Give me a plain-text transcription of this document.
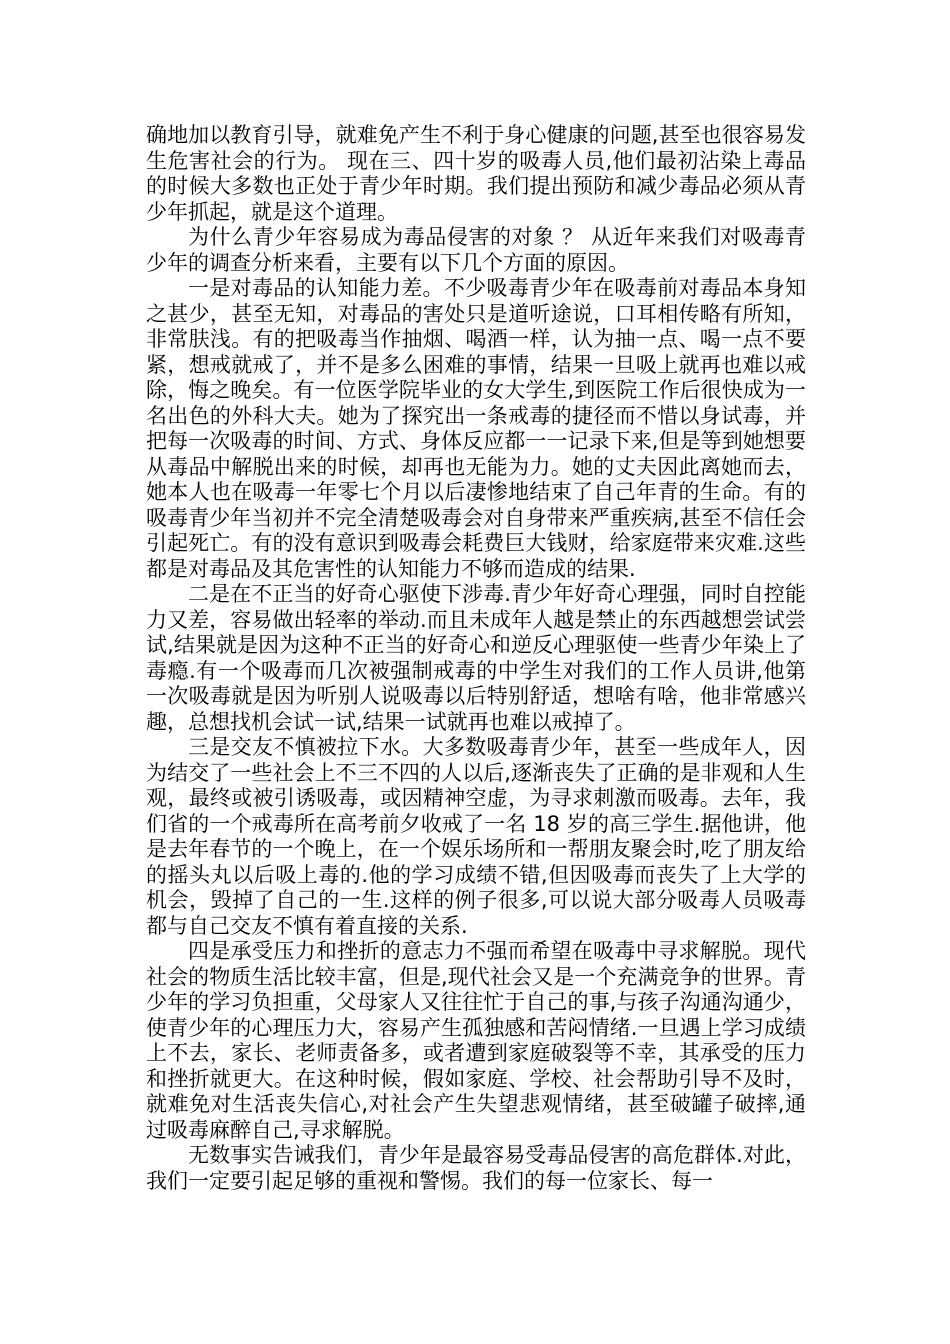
确地加以教育引导，就难免产生不利于身心健康的问题,甚至也很容易发生危害社会的行为。 现在三、四十岁的吸毒人员,他们最初沾染上毒品的时候大多数也正处于青少年时期。我们提出预防和减少毒品必须从青少年抓起，就是这个道理。

为什么青少年容易成为毒品侵害的对象 ？ 从近年来我们对吸毒青少年的调查分析来看，主要有以下几个方面的原因。

一是对毒品的认知能力差。不少吸毒青少年在吸毒前对毒品本身知之甚少，甚至无知，对毒品的害处只是道听途说，口耳相传略有所知，非常肤浅。有的把吸毒当作抽烟、喝酒一样，认为抽一点、喝一点不要紧，想戒就戒了，并不是多么困难的事情，结果一旦吸上就再也难以戒除，悔之晚矣。有一位医学院毕业的女大学生,到医院工作后很快成为一名出色的外科大夫。她为了探究出一条戒毒的捷径而不惜以身试毒，并把每一次吸毒的时间、方式、身体反应都一一记录下来,但是等到她想要从毒品中解脱出来的时候，却再也无能为力。她的丈夫因此离她而去，她本人也在吸毒一年零七个月以后凄惨地结束了自己年青的生命。有的吸毒青少年当初并不完全清楚吸毒会对自身带来严重疾病,甚至不信任会引起死亡。有的没有意识到吸毒会耗费巨大钱财，给家庭带来灾难.这些都是对毒品及其危害性的认知能力不够而造成的结果.

二是在不正当的好奇心驱使下涉毒.青少年好奇心理强，同时自控能力又差，容易做出轻率的举动.而且未成年人越是禁止的东西越想尝试尝试,结果就是因为这种不正当的好奇心和逆反心理驱使一些青少年染上了毒瘾.有一个吸毒而几次被强制戒毒的中学生对我们的工作人员讲,他第一次吸毒就是因为听别人说吸毒以后特别舒适，想啥有啥，他非常感兴趣，总想找机会试一试,结果一试就再也难以戒掉了。

三是交友不慎被拉下水。大多数吸毒青少年，甚至一些成年人，因为结交了一些社会上不三不四的人以后,逐渐丧失了正确的是非观和人生观，最终或被引诱吸毒，或因精神空虚，为寻求刺激而吸毒。去年，我们省的一个戒毒所在高考前夕收戒了一名 18 岁的高三学生.据他讲，他是去年春节的一个晚上，在一个娱乐场所和一帮朋友聚会时,吃了朋友给的摇头丸以后吸上毒的.他的学习成绩不错,但因吸毒而丧失了上大学的机会，毁掉了自己的一生.这样的例子很多,可以说大部分吸毒人员吸毒都与自己交友不慎有着直接的关系.

四是承受压力和挫折的意志力不强而希望在吸毒中寻求解脱。现代社会的物质生活比较丰富，但是,现代社会又是一个充满竞争的世界。青少年的学习负担重，父母家人又往往忙于自己的事,与孩子沟通沟通少，使青少年的心理压力大，容易产生孤独感和苦闷情绪.一旦遇上学习成绩上不去，家长、老师责备多，或者遭到家庭破裂等不幸，其承受的压力和挫折就更大。在这种时候，假如家庭、学校、社会帮助引导不及时，就难免对生活丧失信心,对社会产生失望悲观情绪，甚至破罐子破摔,通过吸毒麻醉自己,寻求解脱。

无数事实告诫我们，青少年是最容易受毒品侵害的高危群体.对此，我们一定要引起足够的重视和警惕。我们的每一位家长、每一
